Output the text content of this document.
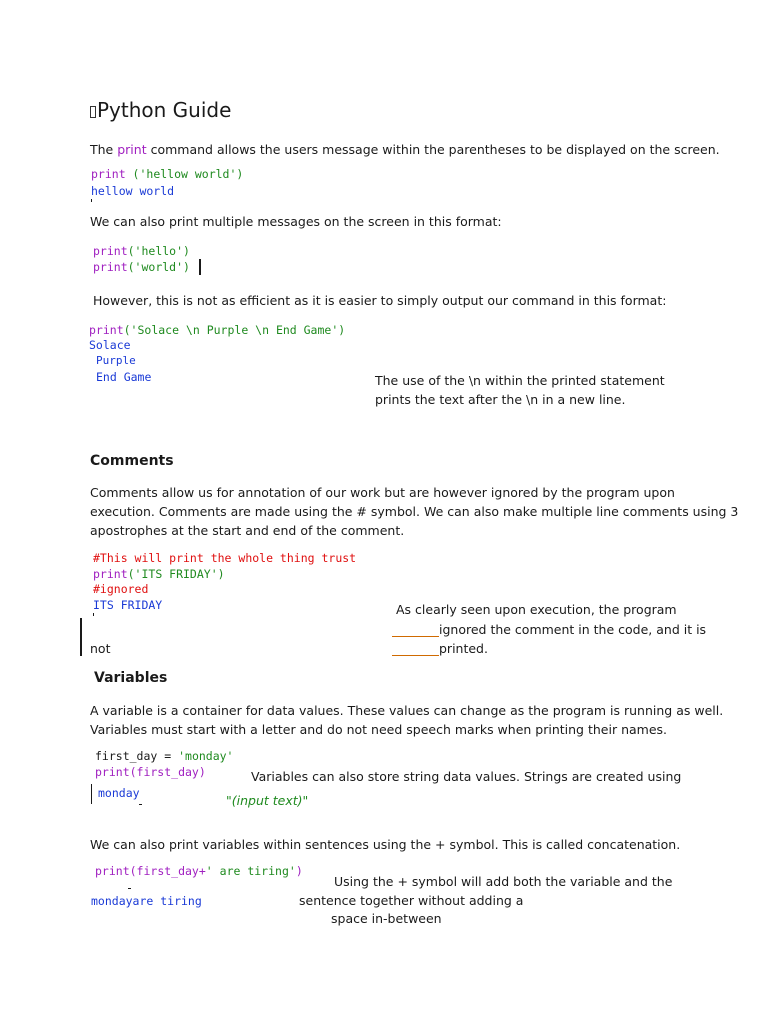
Python Guide
The print command allows the users message within the parentheses to be displayed on the screen.
print ('hellow world')
hellow world
We can also print multiple messages on the screen in this format:
print('hello')
print('world')
However, this is not as efficient as it is easier to simply output our command in this format:
print('Solace \n Purple \n End Game')
Solace
Purple
End Game	The use of the \n within the printed statement
prints the text after the \n in a new line.
Comments
Comments allow us for annotation of our work but are however ignored by the program upon
execution. Comments are made using the # symbol. We can also make multiple line comments using 3
apostrophes at the start and end of the comment.
#This will print the whole thing trust
print('ITS FRIDAY')
#ignored
ITS FRIDAY	As clearly seen upon execution, the program
ignored the comment in the code, and it is
printed.
not
Variables
A variable is a container for data values. These values can change as the program is running as well.
Variables must start with a letter and do not need speech marks when printing their names.
first_day = 'monday'
print(first_day)
monday
Variables can also store string data values. Strings are created using
"(input text)"
We can also print variables within sentences using the + symbol. This is called concatenation.
print(first_day+' are tiring')
mondayare tiring
Using the + symbol will add both the variable and the
sentence together without adding a
space in-between
